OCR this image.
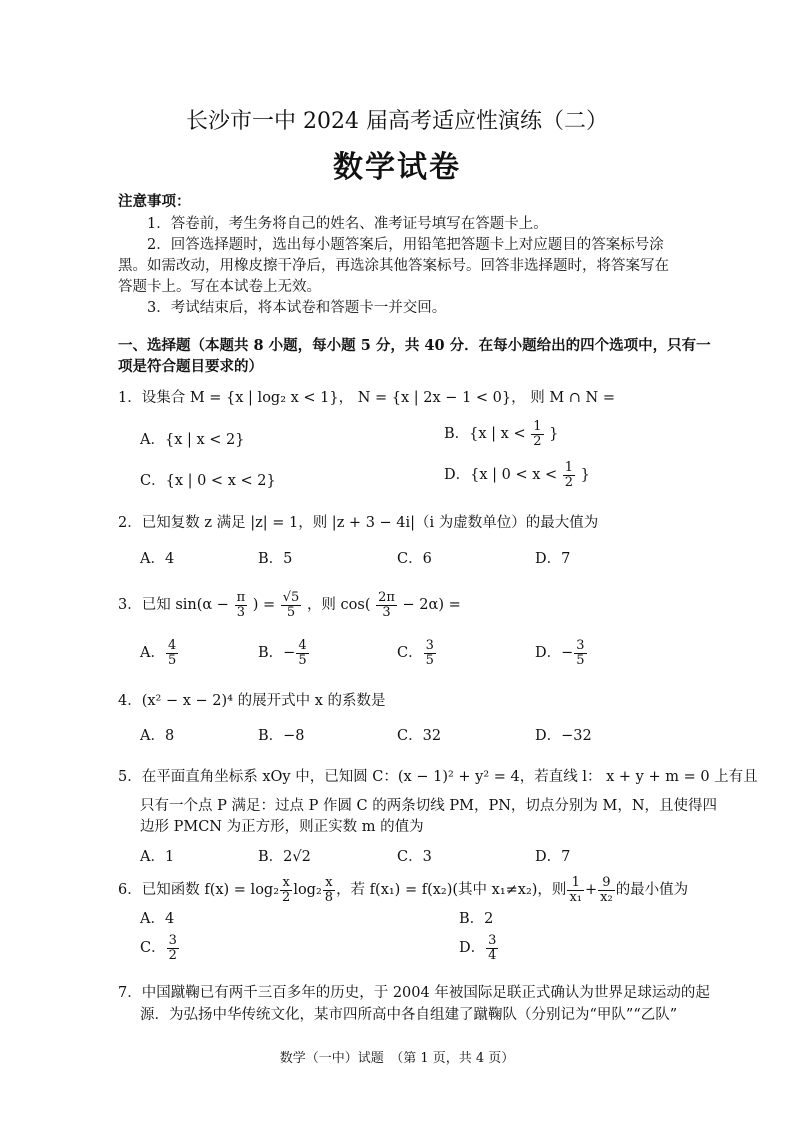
长沙市一中 2024 届高考适应性演练（二）
数学试卷
注意事项：
1．答卷前，考生务将自己的姓名、准考证号填写在答题卡上。
2．回答选择题时，选出每小题答案后，用铅笔把答题卡上对应题目的答案标号涂
黑。如需改动，用橡皮擦干净后，再选涂其他答案标号。回答非选择题时，将答案写在
答题卡上。写在本试卷上无效。
3．考试结束后，将本试卷和答题卡一并交回。
一、选择题（本题共 8 小题，每小题 5 分，共 40 分．在每小题给出的四个选项中，只有一
项是符合题目要求的）
1．设集合 M = {x | log₂ x < 1}， N = {x | 2x − 1 < 0}， 则 M ∩ N =
A．{x | x < 2}	B．{x | $x < \frac{1}{2}$ }
C．{x | 0 < x < 2}	D．{x | $0 < x < \frac{1}{2}$ }
2．已知复数 z 满足 |z| = 1，则 |z + 3 − 4i|（i 为虚数单位）的最大值为
A．4	B．5	C．6	D．7
3．已知 $\sin(\alpha - \frac{\pi}{3}$ ) = $\frac{√5}{5}$ ，则 $\cos( \frac{2\pi}{3} - 2\alpha)$ =
A． $\frac{4}{5}$	B．− $\frac{4}{5}$	C． $\frac{3}{5}$	D．− $\frac{3}{5}$
4．(x² − x − 2)⁴ 的展开式中 x 的系数是
A．8	B．−8	C．32	D．−32
5．在平面直角坐标系 xOy 中，已知圆 C：(x − 1)² + y² = 4，若直线 l： x + y + m = 0 上有且
只有一个点 P 满足：过点 P 作圆 C 的两条切线 PM，PN，切点分别为 M，N，且使得四
边形 PMCN 为正方形，则正实数 m 的值为
A．1	B．2√2	C．3	D．7
6．已知函数 $f(x) = \log_2 \frac{x}{2} \log_2 \frac{x}{8}$ ，若 f(x₁) = f(x₂)(其中 x₁≠x₂)，则 $\frac{1}{\text{x₁}} + \frac{9}{\text{x₂}}$ 的最小值为
A．4	B．2
C． $\frac{3}{2}$	D． $\frac{3}{4}$
7．中国蹴鞠已有两千三百多年的历史，于 2004 年被国际足联正式确认为世界足球运动的起
源．为弘扬中华传统文化，某市四所高中各自组建了蹴鞠队（分别记为“甲队”“乙队”
数学（一中）试题　（第 1 页，共 4 页）
